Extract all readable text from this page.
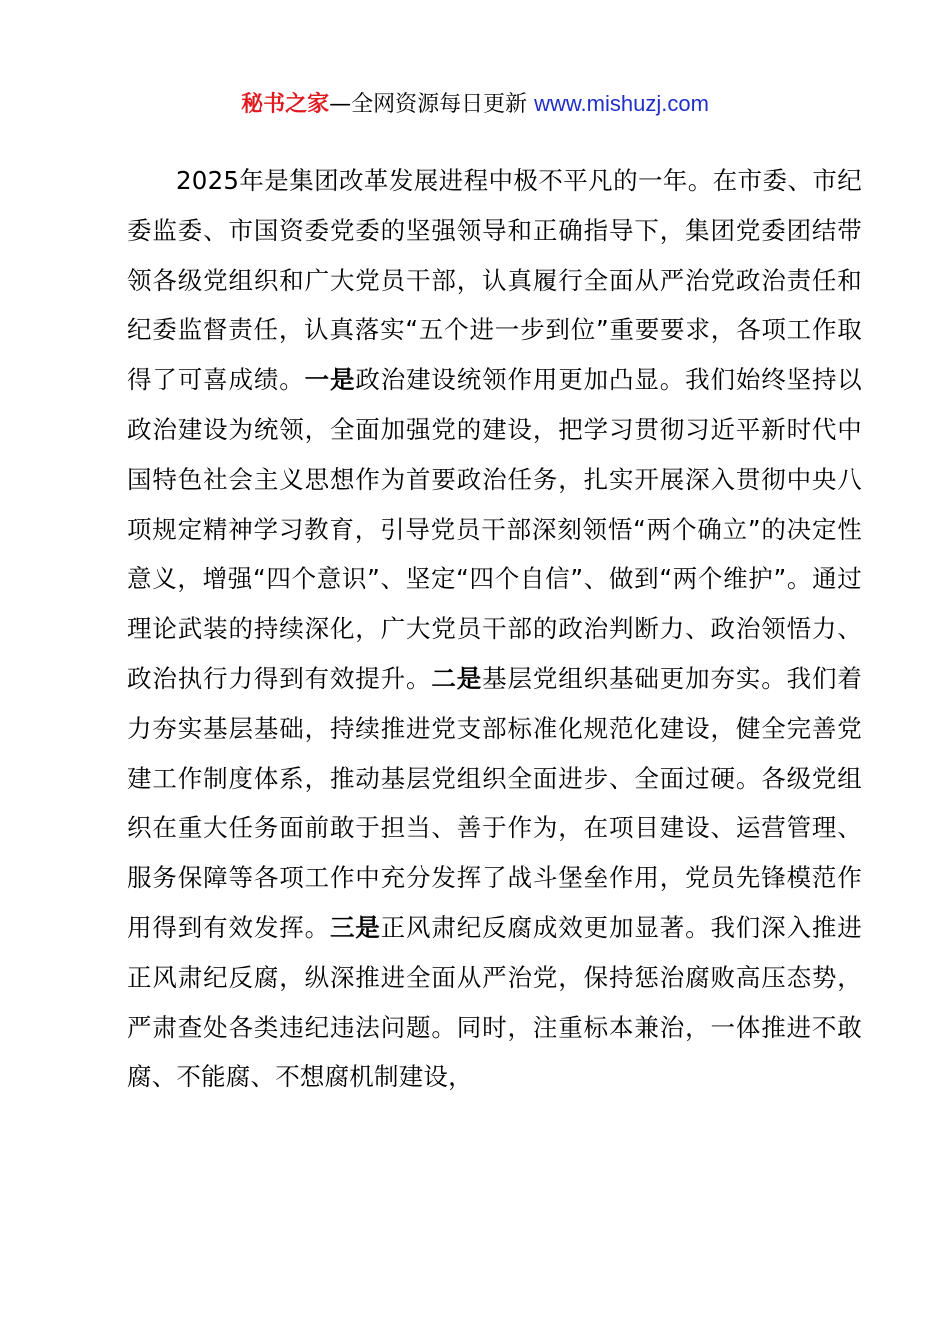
秘书之家—全网资源每日更新 www.mishuzj.com

2025年是集团改革发展进程中极不平凡的一年。在市委、市纪委监委、市国资委党委的坚强领导和正确指导下，集团党委团结带领各级党组织和广大党员干部，认真履行全面从严治党政治责任和纪委监督责任，认真落实“五个进一步到位”重要要求，各项工作取得了可喜成绩。一是政治建设统领作用更加凸显。我们始终坚持以政治建设为统领，全面加强党的建设，把学习贯彻习近平新时代中国特色社会主义思想作为首要政治任务，扎实开展深入贯彻中央八项规定精神学习教育，引导党员干部深刻领悟“两个确立”的决定性意义，增强“四个意识”、坚定“四个自信”、做到“两个维护”。通过理论武装的持续深化，广大党员干部的政治判断力、政治领悟力、政治执行力得到有效提升。二是基层党组织基础更加夯实。我们着力夯实基层基础，持续推进党支部标准化规范化建设，健全完善党建工作制度体系，推动基层党组织全面进步、全面过硬。各级党组织在重大任务面前敢于担当、善于作为，在项目建设、运营管理、服务保障等各项工作中充分发挥了战斗堡垒作用，党员先锋模范作用得到有效发挥。三是正风肃纪反腐成效更加显著。我们深入推进正风肃纪反腐，纵深推进全面从严治党，保持惩治腐败高压态势，严肃查处各类违纪违法问题。同时，注重标本兼治，一体推进不敢腐、不能腐、不想腐机制建设，
